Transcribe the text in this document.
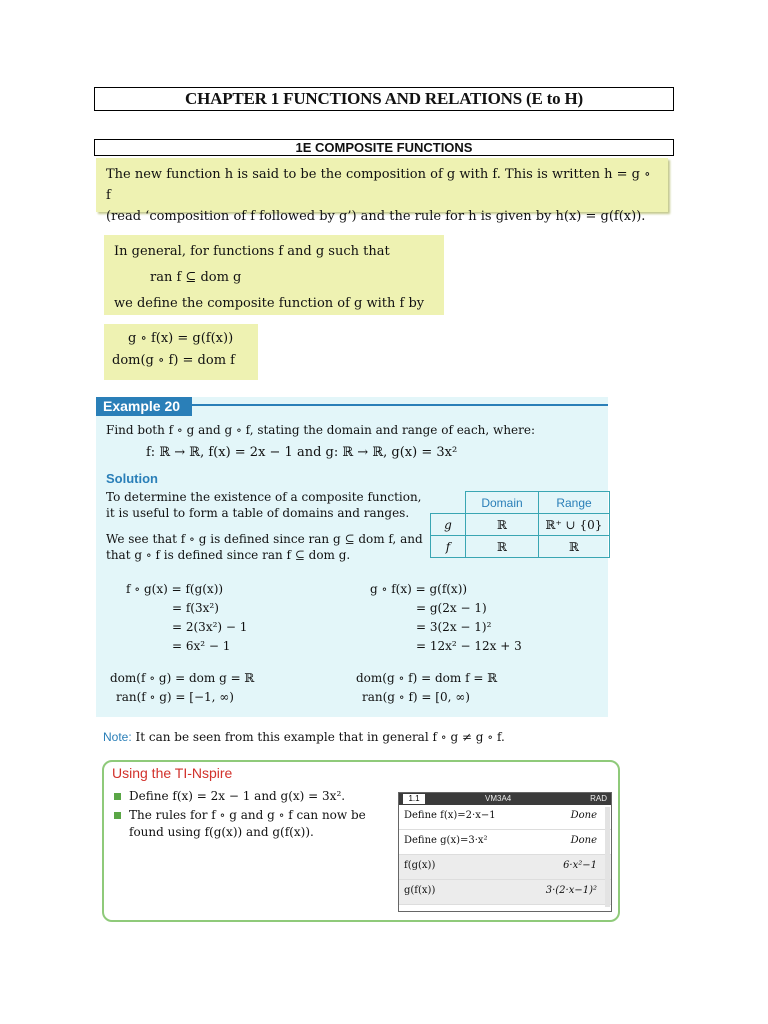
CHAPTER 1 FUNCTIONS AND RELATIONS (E to H)
1E COMPOSITE FUNCTIONS
The new function h is said to be the composition of g with f. This is written h = g ∘ f
(read ‘composition of f followed by g’) and the rule for h is given by h(x) = g(f(x)).
In general, for functions f and g such that
ran f ⊆ dom g
we define the composite function of g with f by
g ∘ f(x) = g(f(x))
dom(g ∘ f) = dom f
Example 20
Find both f ∘ g and g ∘ f, stating the domain and range of each, where:
f: ℝ → ℝ, f(x) = 2x − 1 and g: ℝ → ℝ, g(x) = 3x²
Solution
To determine the existence of a composite function, it is useful to form a table of domains and ranges.
We see that f ∘ g is defined since ran g ⊆ dom f, and that g ∘ f is defined since ran f ⊆ dom g.
	Domain	Range
g	ℝ	ℝ⁺ ∪ {0}
f	ℝ	ℝ
f ∘ g(x) = f(g(x))
= f(3x²)
= 2(3x²) − 1
= 6x² − 1
g ∘ f(x) = g(f(x))
= g(2x − 1)
= 3(2x − 1)²
= 12x² − 12x + 3
dom(f ∘ g) = dom g = ℝ
ran(f ∘ g) = [−1, ∞)
dom(g ∘ f) = dom f = ℝ
ran(g ∘ f) = [0, ∞)
Note: It can be seen from this example that in general f ∘ g ≠ g ∘ f.
Using the TI-Nspire
Define f(x) = 2x − 1 and g(x) = 3x².
The rules for f ∘ g and g ∘ f can now be found using f(g(x)) and g(f(x)).
1.1	VM3A4	RAD
Define f(x)=2·x−1	Done
Define g(x)=3·x²	Done
f(g(x))	6·x²−1
g(f(x))	3·(2·x−1)²
